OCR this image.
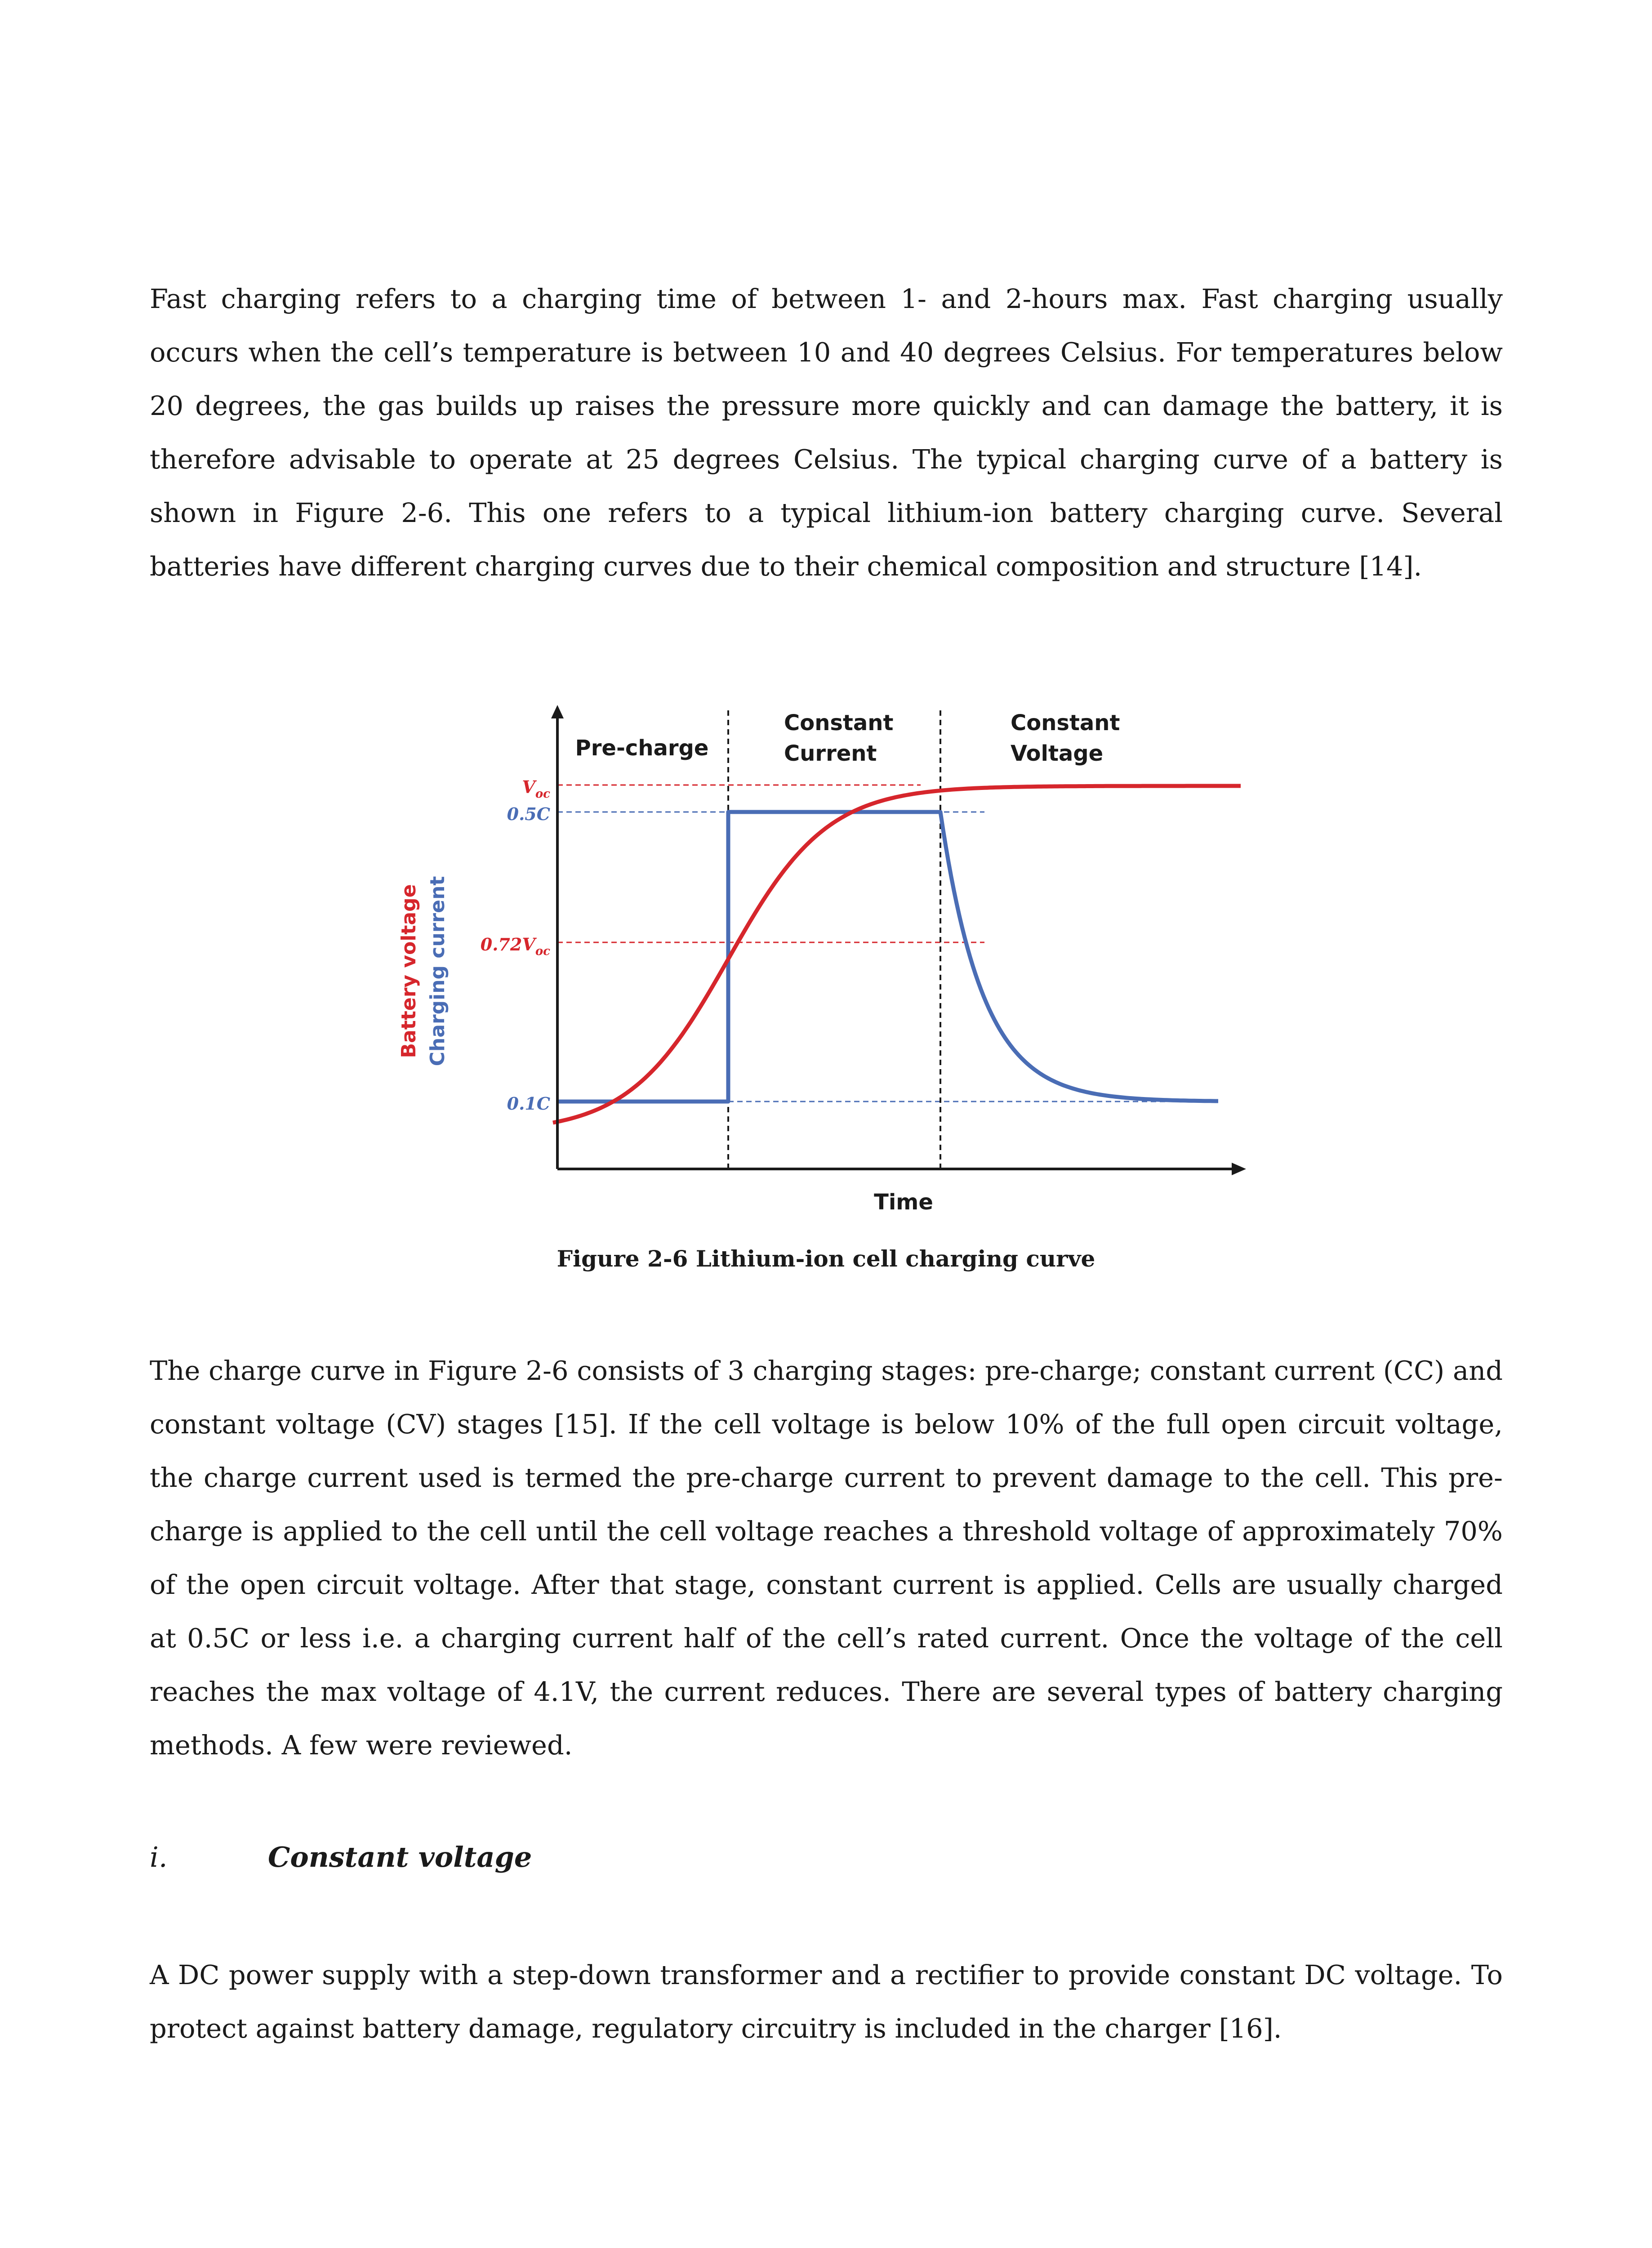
Fast charging refers to a charging time of between 1- and 2-hours max. Fast charging usually occurs when the cell’s temperature is between 10 and 40 degrees Celsius. For temperatures below 20 degrees, the gas builds up raises the pressure more quickly and can damage the battery, it is therefore advisable to operate at 25 degrees Celsius. The typical charging curve of a battery is shown in Figure 2-6. This one refers to a typical lithium-ion battery charging curve. Several batteries have different charging curves due to their chemical composition and structure [14].

$V_{oc}$
$0.72V_{oc}$
0.5C
0.1C
Pre-charge
Constant
Current
Constant
Voltage
Time
Battery voltage Charging current
Figure 2-6 Lithium-ion cell charging curve

The charge curve in Figure 2-6 consists of 3 charging stages: pre-charge; constant current (CC) and constant voltage (CV) stages [15]. If the cell voltage is below 10% of the full open circuit voltage, the charge current used is termed the pre-charge current to prevent damage to the cell. This pre-charge is applied to the cell until the cell voltage reaches a threshold voltage of approximately 70% of the open circuit voltage. After that stage, constant current is applied. Cells are usually charged at 0.5C or less i.e. a charging current half of the cell’s rated current. Once the voltage of the cell reaches the max voltage of 4.1V, the current reduces. There are several types of battery charging methods. A few were reviewed.

i.	Constant voltage

A DC power supply with a step-down transformer and a rectifier to provide constant DC voltage. To protect against battery damage, regulatory circuitry is included in the charger [16].
